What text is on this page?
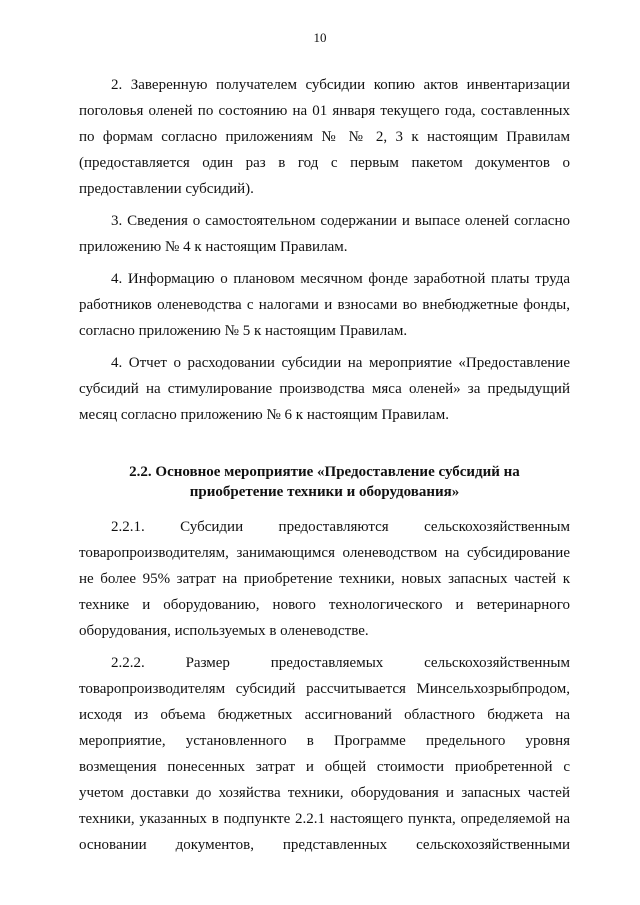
10

2. Заверенную получателем субсидии копию актов инвентаризации
поголовья оленей по состоянию на 01 января текущего года, составленных
по формам согласно приложениям № № 2, 3 к настоящим Правилам
(предоставляется один раз в год с первым пакетом документов о
предоставлении субсидий).

3. Сведения о самостоятельном содержании и выпасе оленей согласно
приложению № 4 к настоящим Правилам.

4. Информацию о плановом месячном фонде заработной платы труда
работников оленеводства с налогами и взносами во внебюджетные фонды,
согласно приложению № 5 к настоящим Правилам.

4. Отчет о расходовании субсидии на мероприятие «Предоставление
субсидий на стимулирование производства мяса оленей» за предыдущий
месяц согласно приложению № 6 к настоящим Правилам.

2.2. Основное мероприятие «Предоставление субсидий на
приобретение техники и оборудования»

2.2.1. Субсидии предоставляются сельскохозяйственным
товаропроизводителям, занимающимся оленеводством на субсидирование
не более 95% затрат на приобретение техники, новых запасных частей к
технике и оборудованию, нового технологического и ветеринарного
оборудования, используемых в оленеводстве.

2.2.2. Размер предоставляемых сельскохозяйственным
товаропроизводителям субсидий рассчитывается Минсельхозрыбпродом,
исходя из объема бюджетных ассигнований областного бюджета на
мероприятие, установленного в Программе предельного уровня
возмещения понесенных затрат и общей стоимости приобретенной с
учетом доставки до хозяйства техники, оборудования и запасных частей
техники, указанных в подпункте 2.2.1 настоящего пункта, определяемой на
основании документов, представленных сельскохозяйственными
